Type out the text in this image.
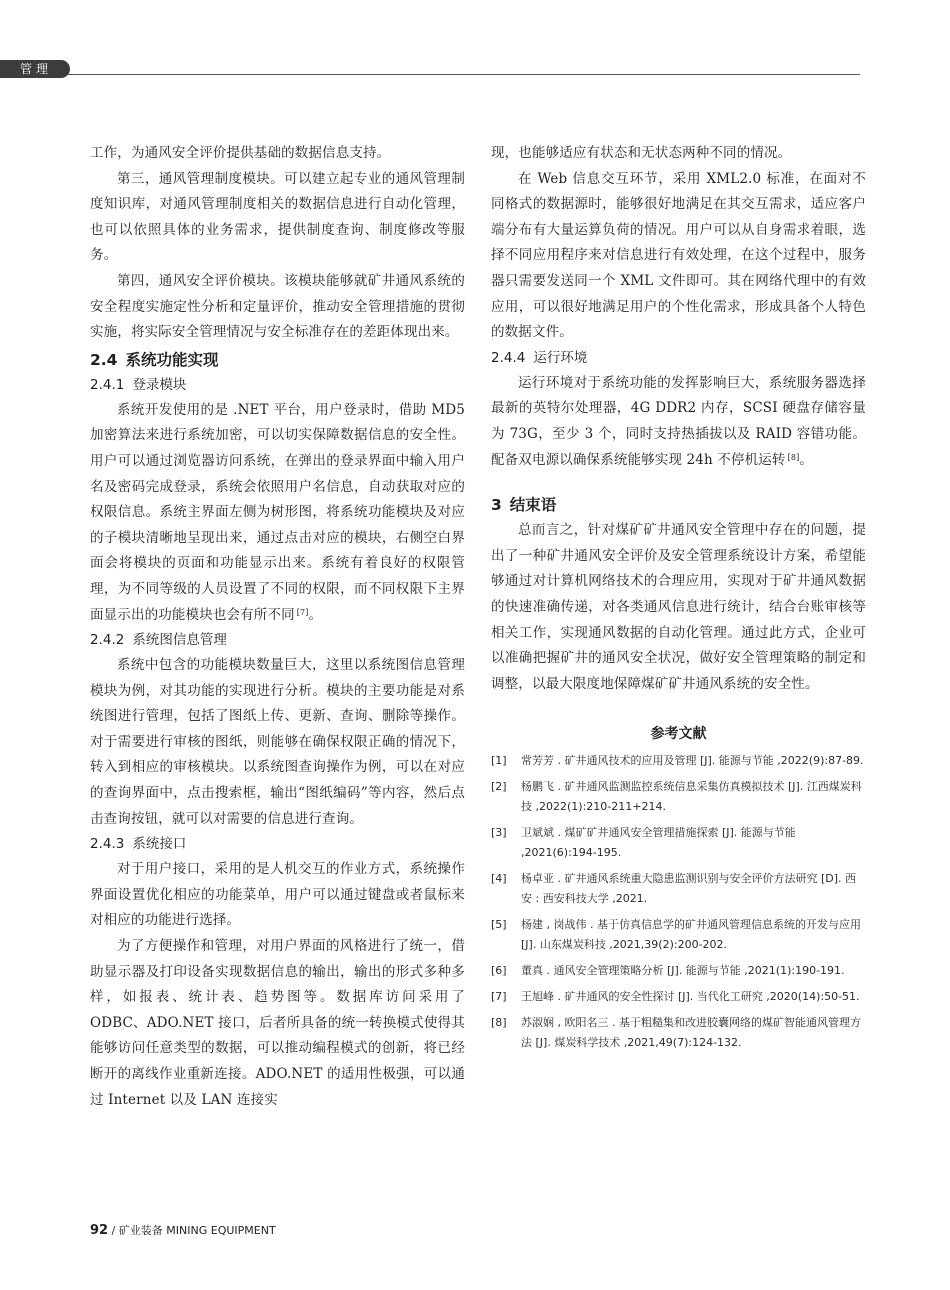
管理

工作，为通风安全评价提供基础的数据信息支持。

第三，通风管理制度模块。可以建立起专业的通风管理制度知识库，对通风管理制度相关的数据信息进行自动化管理，也可以依照具体的业务需求，提供制度查询、制度修改等服务。

第四，通风安全评价模块。该模块能够就矿井通风系统的安全程度实施定性分析和定量评价，推动安全管理措施的贯彻实施，将实际安全管理情况与安全标准存在的差距体现出来。

2.4 系统功能实现
2.4.1 登录模块

系统开发使用的是 .NET 平台，用户登录时，借助 MD5 加密算法来进行系统加密，可以切实保障数据信息的安全性。用户可以通过浏览器访问系统，在弹出的登录界面中输入用户名及密码完成登录，系统会依照用户名信息，自动获取对应的权限信息。系统主界面左侧为树形图，将系统功能模块及对应的子模块清晰地呈现出来，通过点击对应的模块，右侧空白界面会将模块的页面和功能显示出来。系统有着良好的权限管理，为不同等级的人员设置了不同的权限，而不同权限下主界面显示出的功能模块也会有所不同 [7]。

2.4.2 系统图信息管理

系统中包含的功能模块数量巨大，这里以系统图信息管理模块为例，对其功能的实现进行分析。模块的主要功能是对系统图进行管理，包括了图纸上传、更新、查询、删除等操作。对于需要进行审核的图纸，则能够在确保权限正确的情况下，转入到相应的审核模块。以系统图查询操作为例，可以在对应的查询界面中，点击搜索框，输出“图纸编码”等内容，然后点击查询按钮，就可以对需要的信息进行查询。

2.4.3 系统接口

对于用户接口，采用的是人机交互的作业方式，系统操作界面设置优化相应的功能菜单，用户可以通过键盘或者鼠标来对相应的功能进行选择。

为了方便操作和管理，对用户界面的风格进行了统一，借助显示器及打印设备实现数据信息的输出，输出的形式多种多样，如报表、统计表、趋势图等。数据库访问采用了 ODBC、ADO.NET 接口，后者所具备的统一转换模式使得其能够访问任意类型的数据，可以推动编程模式的创新，将已经断开的离线作业重新连接。ADO.NET 的适用性极强，可以通过 Internet 以及 LAN 连接实

现，也能够适应有状态和无状态两种不同的情况。

在 Web 信息交互环节，采用 XML2.0 标准，在面对不同格式的数据源时，能够很好地满足在其交互需求，适应客户端分布有大量运算负荷的情况。用户可以从自身需求着眼，选择不同应用程序来对信息进行有效处理，在这个过程中，服务器只需要发送同一个 XML 文件即可。其在网络代理中的有效应用，可以很好地满足用户的个性化需求，形成具备个人特色的数据文件。

2.4.4 运行环境

运行环境对于系统功能的发挥影响巨大，系统服务器选择最新的英特尔处理器，4G DDR2 内存，SCSI 硬盘存储容量为 73G，至少 3 个，同时支持热插拔以及 RAID 容错功能。配备双电源以确保系统能够实现 24h 不停机运转 [8]。

3 结束语

总而言之，针对煤矿矿井通风安全管理中存在的问题，提出了一种矿井通风安全评价及安全管理系统设计方案，希望能够通过对计算机网络技术的合理应用，实现对于矿井通风数据的快速准确传递，对各类通风信息进行统计，结合台账审核等相关工作，实现通风数据的自动化管理。通过此方式，企业可以准确把握矿井的通风安全状况，做好安全管理策略的制定和调整，以最大限度地保障煤矿矿井通风系统的安全性。

参考文献
[1]	常芳芳 . 矿井通风技术的应用及管理 [J]. 能源与节能 ,2022(9):87-89.
[2]	杨鹏飞 . 矿井通风监测监控系统信息采集仿真模拟技术 [J]. 江西煤炭科技 ,2022(1):210-211+214.
[3]	卫斌斌 . 煤矿矿井通风安全管理措施探索 [J]. 能源与节能 ,2021(6):194-195.
[4]	杨卓亚 . 矿井通风系统重大隐患监测识别与安全评价方法研究 [D]. 西安 : 西安科技大学 ,2021.
[5]	杨建 , 岗战伟 . 基于仿真信息学的矿井通风管理信息系统的开发与应用 [J]. 山东煤炭科技 ,2021,39(2):200-202.
[6]	董真 . 通风安全管理策略分析 [J]. 能源与节能 ,2021(1):190-191.
[7]	王旭峰 . 矿井通风的安全性探讨 [J]. 当代化工研究 ,2020(14):50-51.
[8]	苏淑娴 , 欧阳名三 . 基于粗糙集和改进胶囊网络的煤矿智能通风管理方法 [J]. 煤炭科学技术 ,2021,49(7):124-132.
92 / 矿业装备 MINING EQUIPMENT
